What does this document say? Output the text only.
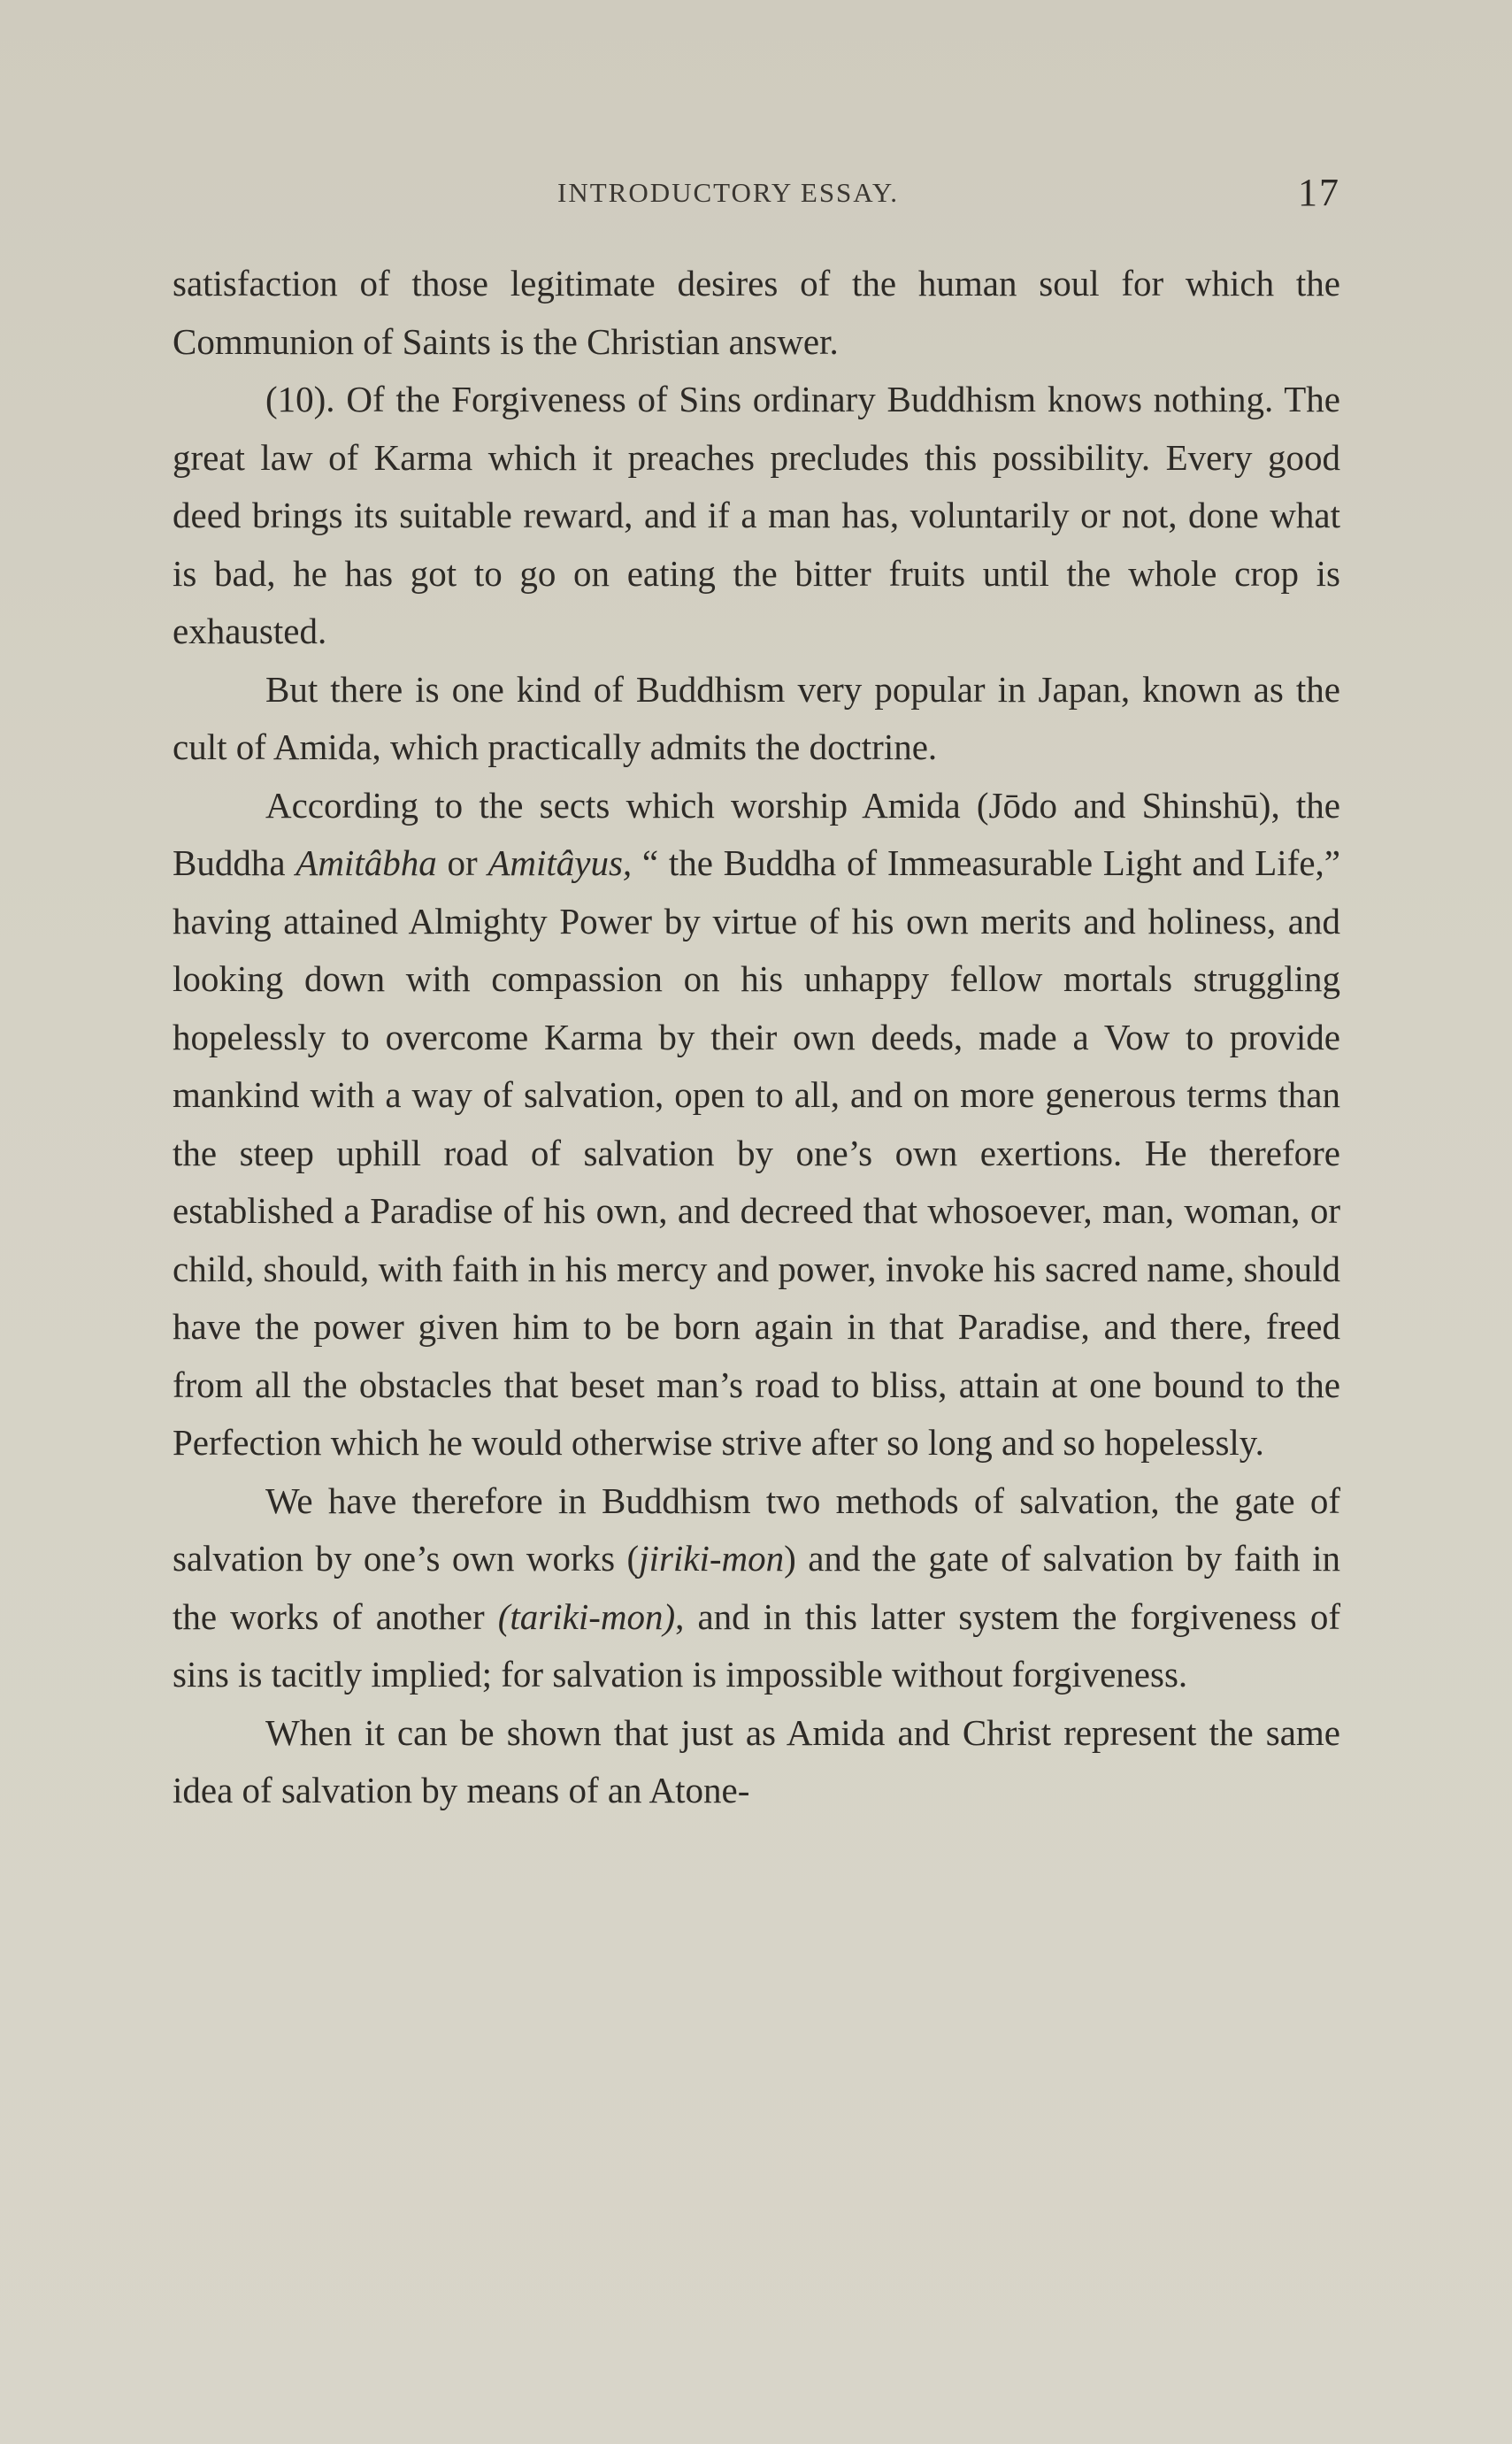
INTRODUCTORY ESSAY.	17

satisfaction of those legitimate desires of the human soul for which the Communion of Saints is the Christian answer.

(10). Of the Forgiveness of Sins ordinary Buddhism knows nothing. The great law of Karma which it preaches precludes this possibility. Every good deed brings its suitable reward, and if a man has, voluntarily or not, done what is bad, he has got to go on eating the bitter fruits until the whole crop is exhausted.

But there is one kind of Buddhism very popular in Japan, known as the cult of Amida, which practically admits the doctrine.

According to the sects which worship Amida (Jōdo and Shinshū), the Buddha Amitâbha or Amitâyus, “ the Buddha of Immeasurable Light and Life,” having attained Almighty Power by virtue of his own merits and holiness, and looking down with compassion on his unhappy fellow mortals struggling hopelessly to overcome Karma by their own deeds, made a Vow to provide mankind with a way of salvation, open to all, and on more generous terms than the steep uphill road of salvation by one’s own exertions. He therefore established a Paradise of his own, and decreed that whosoever, man, woman, or child, should, with faith in his mercy and power, invoke his sacred name, should have the power given him to be born again in that Paradise, and there, freed from all the obstacles that beset man’s road to bliss, attain at one bound to the Perfection which he would otherwise strive after so long and so hopelessly.

We have therefore in Buddhism two methods of salvation, the gate of salvation by one’s own works (jiriki-mon) and the gate of salvation by faith in the works of another (tariki-mon), and in this latter system the forgiveness of sins is tacitly implied; for salvation is impossible without forgiveness.

When it can be shown that just as Amida and Christ represent the same idea of salvation by means of an Atone-
